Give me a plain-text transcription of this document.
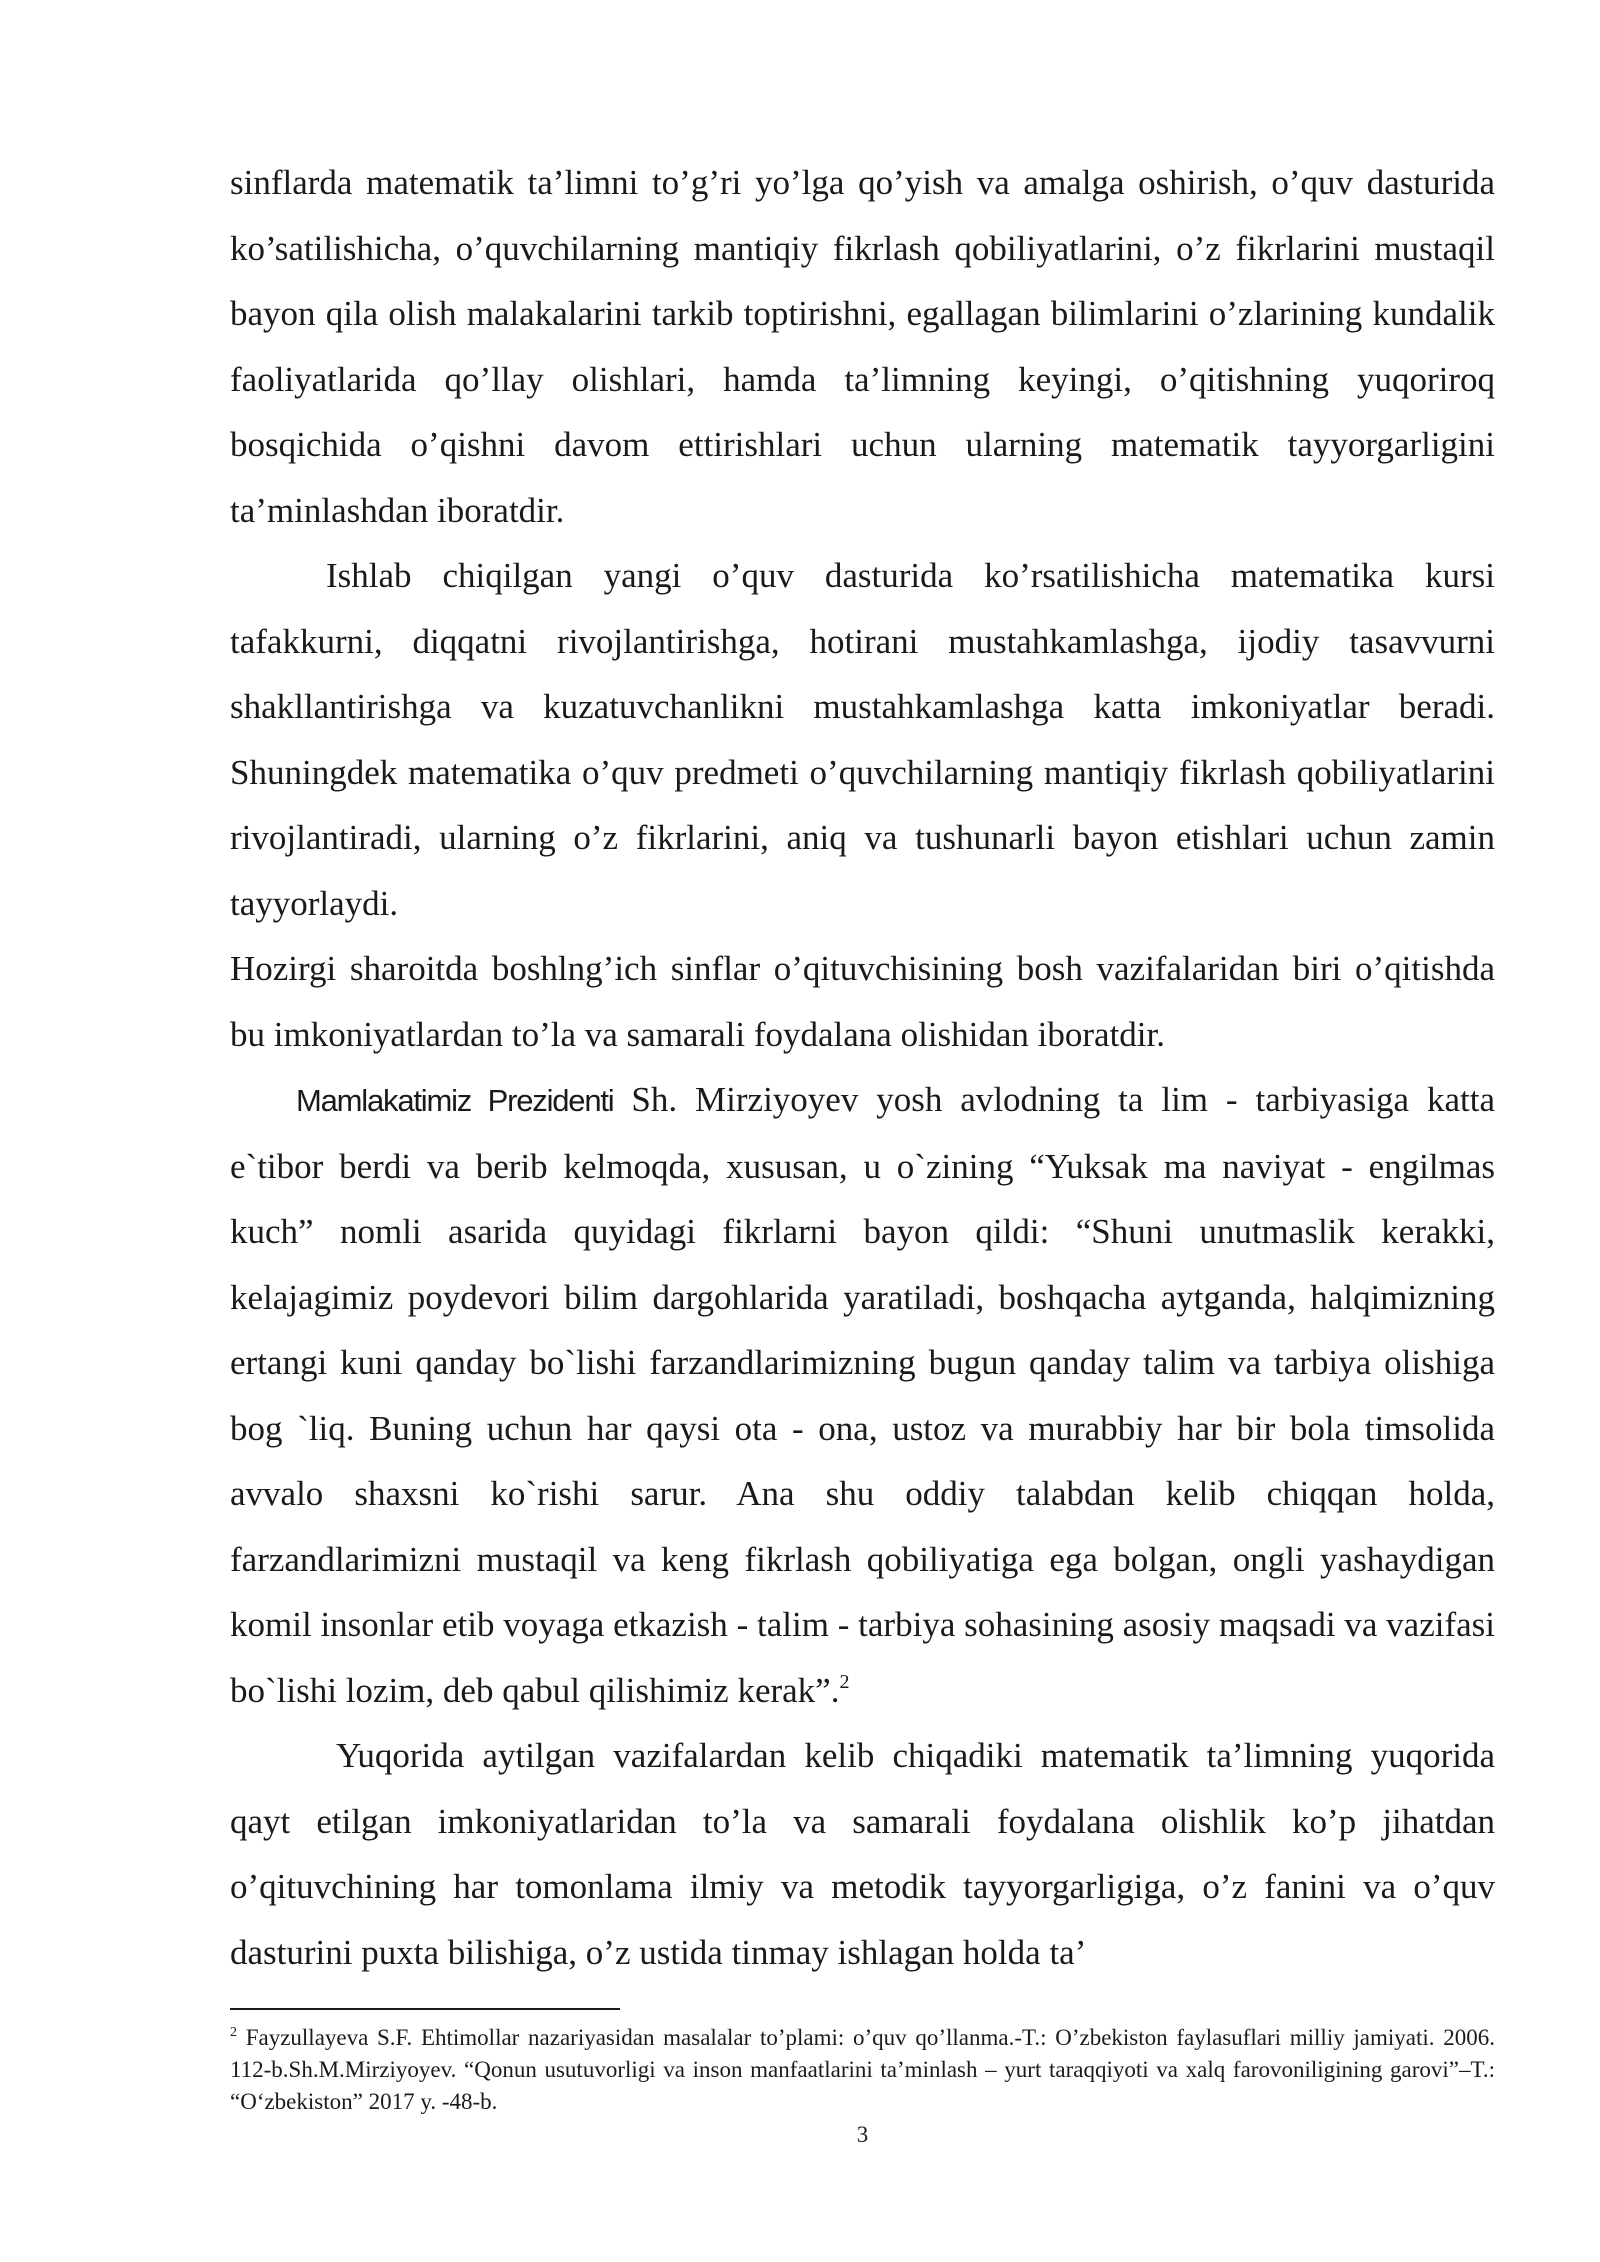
sinflarda matematik ta’limni to’g’ri yo’lga qo’yish va amalga oshirish, o’quv dasturida ko’satilishicha, o’quvchilarning mantiqiy fikrlash qobiliyatlarini, o’z fikrlarini mustaqil bayon qila olish malakalarini tarkib toptirishni, egallagan bilimlarini o’zlarining kundalik faoliyatlarida qo’llay olishlari, hamda ta’limning keyingi, o’qitishning yuqoriroq bosqichida o’qishni davom ettirishlari uchun ularning matematik tayyorgarligini ta’minlashdan iboratdir.

Ishlab chiqilgan yangi o’quv dasturida ko’rsatilishicha matematika kursi tafakkurni, diqqatni rivojlantirishga, hotirani mustahkamlashga, ijodiy tasavvurni shakllantirishga va kuzatuvchanlikni mustahkamlashga katta imkoniyatlar beradi. Shuningdek matematika o’quv predmeti o’quvchilarning mantiqiy fikrlash qobiliyatlarini rivojlantiradi, ularning o’z fikrlarini, aniq va tushunarli bayon etishlari uchun zamin tayyorlaydi.

Hozirgi sharoitda boshlng’ich sinflar o’qituvchisining bosh vazifalaridan biri o’qitishda bu imkoniyatlardan to’la va samarali foydalana olishidan iboratdir.

Mamlakatimiz Prezidenti Sh. Mirziyoyev yosh avlodning ta lim - tarbiyasiga katta e`tibor berdi va berib kelmoqda, xususan, u o`zining “Yuksak ma naviyat - engilmas kuch” nomli asarida quyidagi fikrlarni bayon qildi: “Shuni unutmaslik kerakki, kelajagimiz poydevori bilim dargohlarida yaratiladi, boshqacha aytganda, halqimizning ertangi kuni qanday bo`lishi farzandlarimizning bugun qanday talim va tarbiya olishiga bog `liq. Buning uchun har qaysi ota - ona, ustoz va murabbiy har bir bola timsolida avvalo shaxsni ko`rishi sarur. Ana shu oddiy talabdan kelib chiqqan holda, farzandlarimizni mustaqil va keng fikrlash qobiliyatiga ega bolgan, ongli yashaydigan komil insonlar etib voyaga etkazish - talim - tarbiya sohasining asosiy maqsadi va vazifasi bo`lishi lozim, deb qabul qilishimiz kerak”.$^2$

Yuqorida aytilgan vazifalardan kelib chiqadiki matematik ta’limning yuqorida qayt etilgan imkoniyatlaridan to’la va samarali foydalana olishlik ko’p jihatdan o’qituvchining har tomonlama ilmiy va metodik tayyorgarligiga, o’z fanini va o’quv dasturini puxta bilishiga, o’z ustida tinmay ishlagan holda ta’

$^2$ Fayzullayeva S.F. Ehtimollar nazariyasidan masalalar to’plami: o’quv qo’llanma.-T.: O’zbekiston faylasuflari milliy jamiyati. 2006. 112-b.Sh.M.Mirziyoyev. “Qonun usutuvorligi va inson manfaatlarini ta’minlash – yurt taraqqiyoti va xalq farovoniligining garovi”–T.: “O‘zbekiston” 2017 y. -48-b.

3
